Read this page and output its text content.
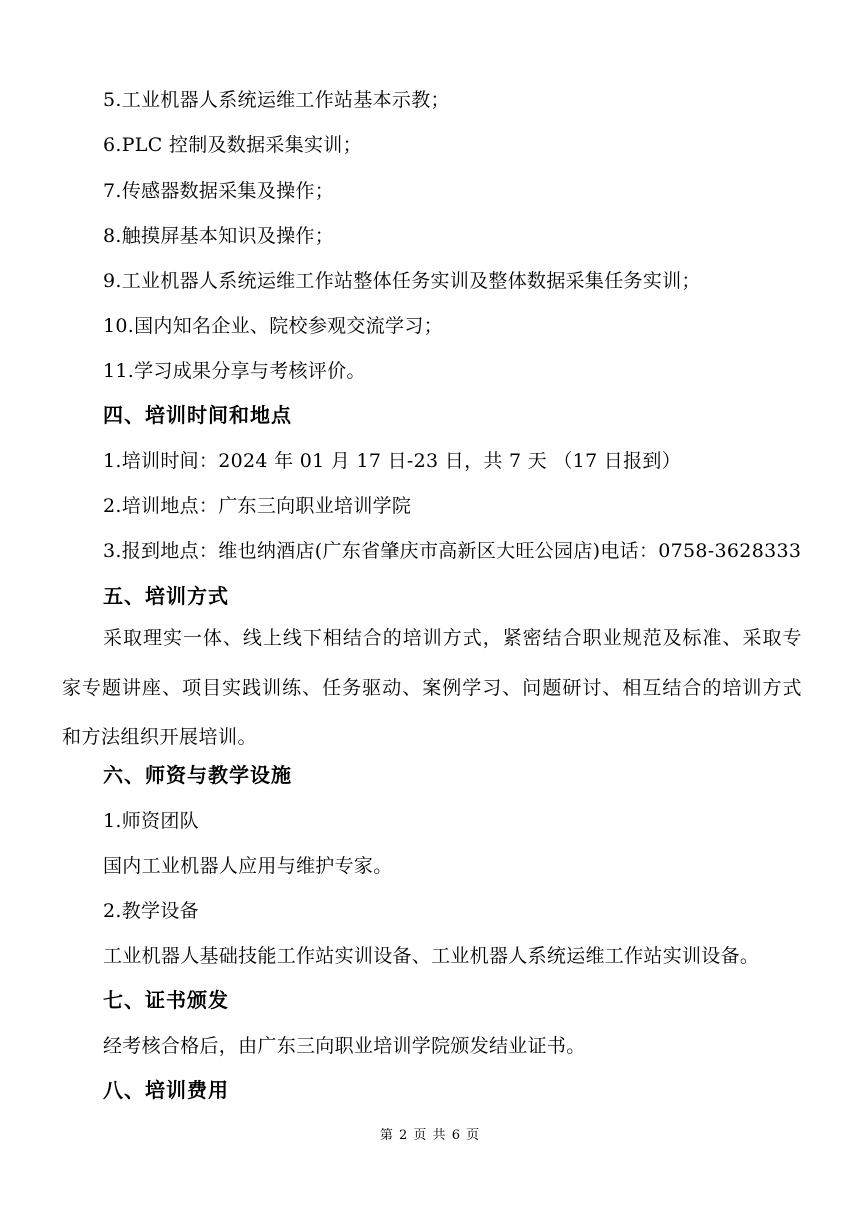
5.工业机器人系统运维工作站基本示教；
6.PLC 控制及数据采集实训；
7.传感器数据采集及操作；
8.触摸屏基本知识及操作；
9.工业机器人系统运维工作站整体任务实训及整体数据采集任务实训；
10.国内知名企业、院校参观交流学习；
11.学习成果分享与考核评价。
四、培训时间和地点
1.培训时间：2024 年 01 月 17 日-23 日，共 7 天 （17 日报到）
2.培训地点：广东三向职业培训学院
3.报到地点：维也纳酒店(广东省肇庆市高新区大旺公园店)电话：0758-3628333
五、培训方式
采取理实一体、线上线下相结合的培训方式，紧密结合职业规范及标准、采取专家专题讲座、项目实践训练、任务驱动、案例学习、问题研讨、相互结合的培训方式和方法组织开展培训。
六、师资与教学设施
1.师资团队
国内工业机器人应用与维护专家。
2.教学设备
工业机器人基础技能工作站实训设备、工业机器人系统运维工作站实训设备。
七、证书颁发
经考核合格后，由广东三向职业培训学院颁发结业证书。
八、培训费用
第 2 页 共 6 页
